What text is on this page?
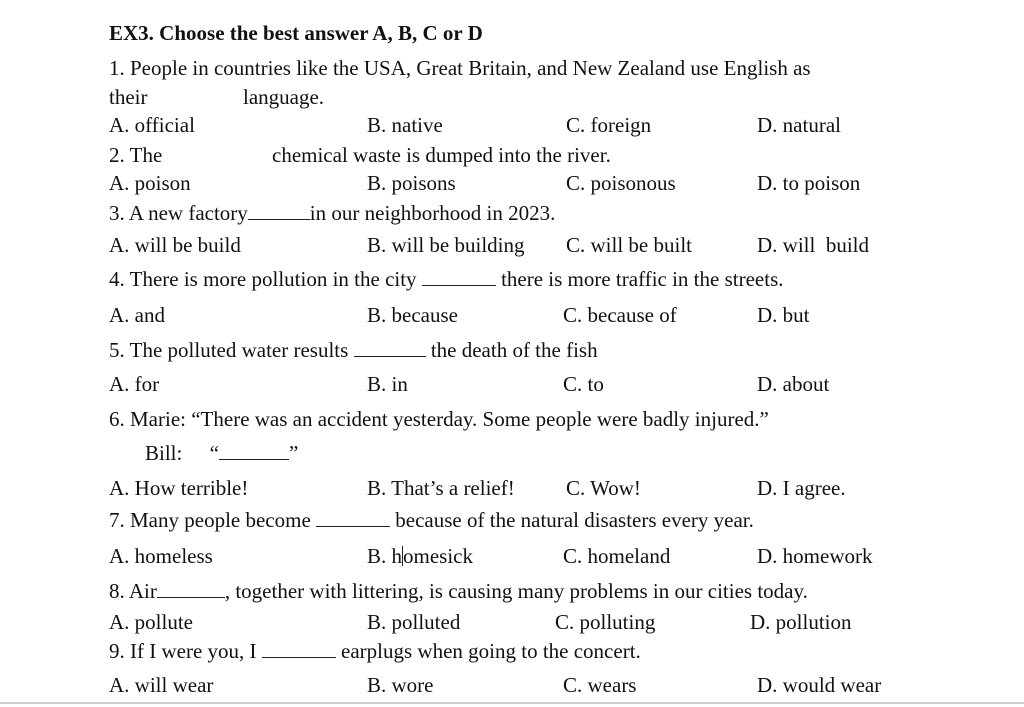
EX3. Choose the best answer A, B, C or D
1. People in countries like the USA, Great Britain, and New Zealand use English as
their	language.
A. official	B. native	C. foreign	D. natural
2. The	chemical waste is dumped into the river.
A. poison	B. poisons	C. poisonous	D. to poison
3. A new factory	in our neighborhood in 2023.
A. will be build	B. will be building C. will be built	D. will  build
4. There is more pollution in the city	there is more traffic in the streets.
A. and	B. because	C. because of	D. but
5. The polluted water results	the death of the fish
A. for	B. in	C. to	D. about
6. Marie: “There was an accident yesterday. Some people were badly injured.”
Bill: “	”
A. How terrible!	B. That’s a relief! C. Wow!	D. I agree.
7. Many people become	because of the natural disasters every year.
A. homeless	B. homesick	C. homeland	D. homework
8. Air	, together with littering, is causing many problems in our cities today.
A. pollute	B. polluted	C. polluting	D. pollution
9. If I were you, I	earplugs when going to the concert.
A. will wear	B. wore	C. wears	D. would wear
